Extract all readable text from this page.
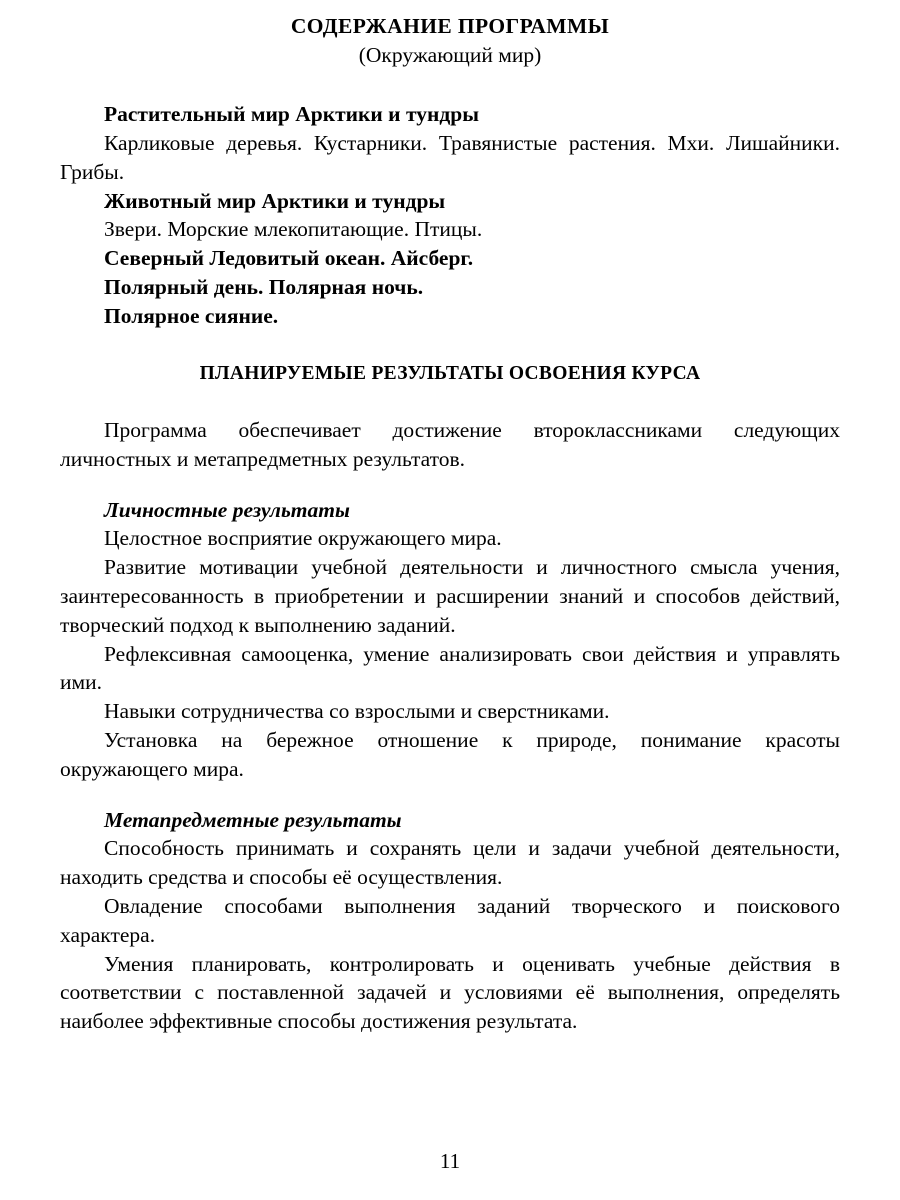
СОДЕРЖАНИЕ ПРОГРАММЫ
(Окружающий мир)

Растительный мир Арктики и тундры

Карликовые деревья. Кустарники. Травянистые растения. Мхи. Лишайники. Грибы.

Животный мир Арктики и тундры

Звери. Морские млекопитающие. Птицы.

Северный Ледовитый океан. Айсберг.

Полярный день. Полярная ночь.

Полярное сияние.

ПЛАНИРУЕМЫЕ РЕЗУЛЬТАТЫ ОСВОЕНИЯ КУРСА

Программа обеспечивает достижение второклассниками следующих личностных и метапредметных результатов.

Личностные результаты

Целостное восприятие окружающего мира.

Развитие мотивации учебной деятельности и личностного смысла учения, заинтересованность в приобретении и расширении знаний и способов действий, творческий подход к выполнению заданий.

Рефлексивная самооценка, умение анализировать свои действия и управлять ими.

Навыки сотрудничества со взрослыми и сверстниками.

Установка на бережное отношение к природе, понимание красоты окружающего мира.

Метапредметные результаты

Способность принимать и сохранять цели и задачи учебной деятельности, находить средства и способы её осуществления.

Овладение способами выполнения заданий творческого и поискового характера.

Умения планировать, контролировать и оценивать учебные действия в соответствии с поставленной задачей и условиями её выполнения, определять наиболее эффективные способы достижения результата.

11
